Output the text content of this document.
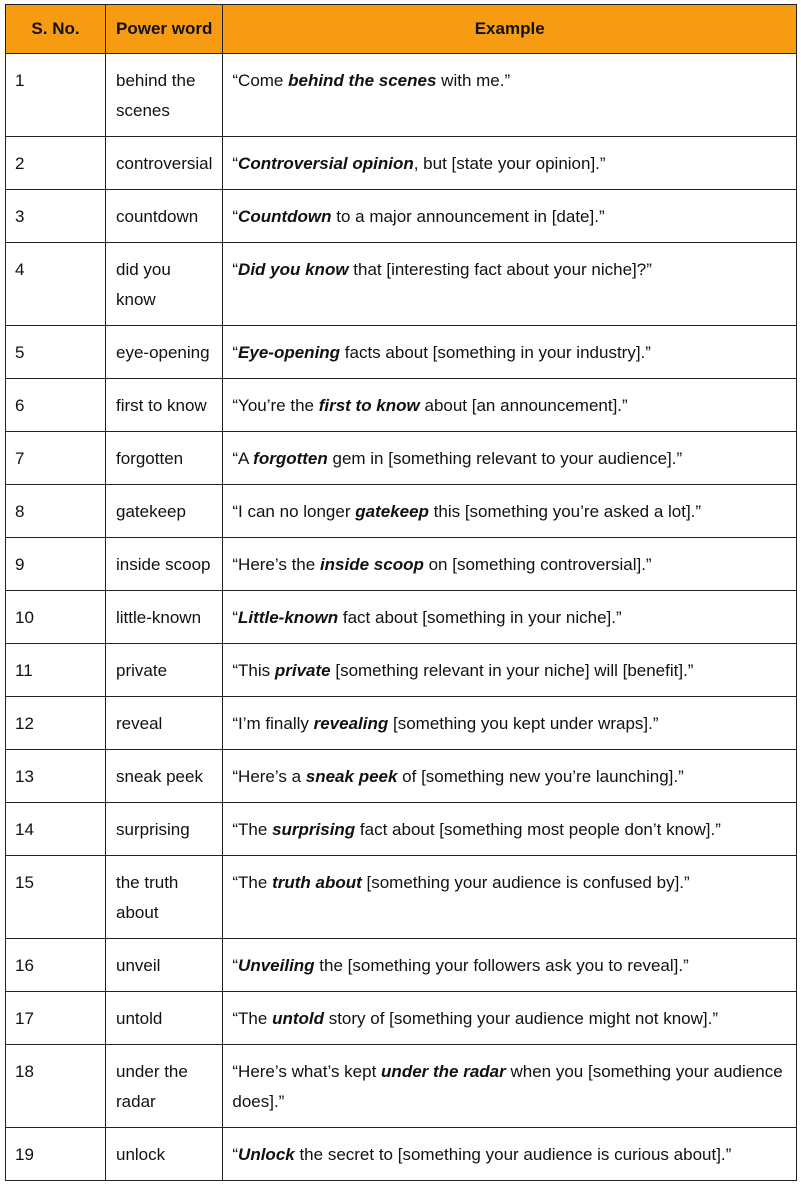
S. No.	Power word	Example
1	behind the scenes	“Come behind the scenes with me.”
2	controversial	“Controversial opinion, but [state your opinion].”
3	countdown	“Countdown to a major announcement in [date].”
4	did you know	“Did you know that [interesting fact about your niche]?”
5	eye-opening	“Eye-opening facts about [something in your industry].”
6	first to know	“You’re the first to know about [an announcement].”
7	forgotten	“A forgotten gem in [something relevant to your audience].”
8	gatekeep	“I can no longer gatekeep this [something you’re asked a lot].”
9	inside scoop	“Here’s the inside scoop on [something controversial].”
10	little-known	“Little-known fact about [something in your niche].”
11	private	“This private [something relevant in your niche] will [benefit].”
12	reveal	“I’m finally revealing [something you kept under wraps].”
13	sneak peek	“Here’s a sneak peek of [something new you’re launching].”
14	surprising	“The surprising fact about [something most people don’t know].”
15	the truth about	“The truth about [something your audience is confused by].”
16	unveil	“Unveiling the [something your followers ask you to reveal].”
17	untold	“The untold story of [something your audience might not know].”
18	under the radar	“Here’s what’s kept under the radar when you [something your audience does].”
19	unlock	“Unlock the secret to [something your audience is curious about].”
